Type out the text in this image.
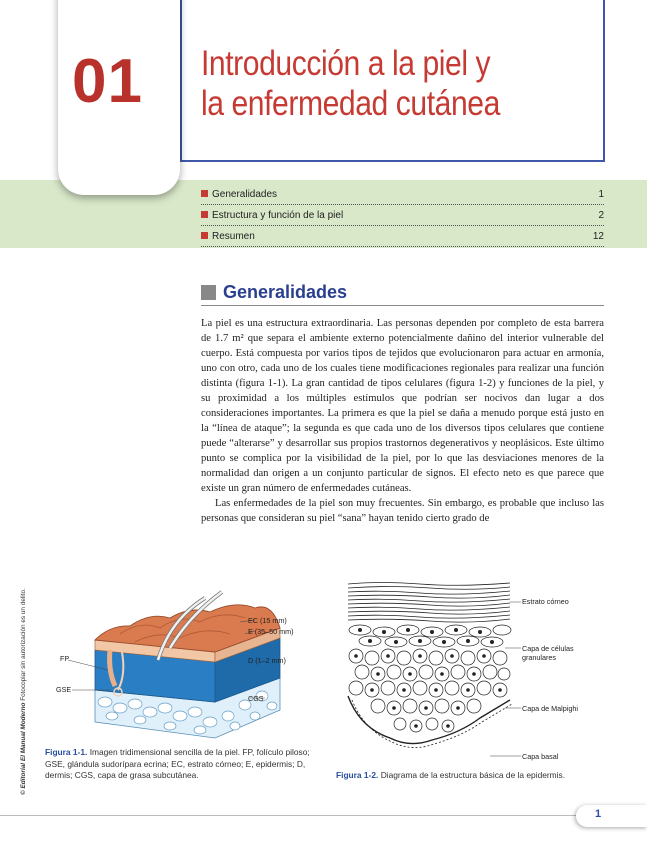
01 Introducción a la piel y
la enfermedad cutánea
Generalidades	1
Estructura y función de la piel	2
Resumen	12
Generalidades

La piel es una estructura extraordinaria. Las personas dependen por completo de esta barrera de 1.7 m² que separa el ambiente externo potencialmente dañino del interior vulnerable del cuerpo. Está compuesta por varios tipos de tejidos que evolucionaron para actuar en armonía, uno con otro, cada uno de los cuales tiene modificaciones regionales para realizar una función distinta (figura 1-1). La gran cantidad de tipos celulares (figura 1-2) y funciones de la piel, y su proximidad a los múltiples estímulos que podrían ser nocivos dan lugar a dos consideraciones importantes. La primera es que la piel se daña a menudo porque está justo en la “línea de ataque”; la segunda es que cada uno de los diversos tipos celulares que contiene puede “alterarse” y desarrollar sus propios trastornos degenerativos y neoplásicos. Este último punto se complica por la visibilidad de la piel, por lo que las desviaciones menores de la normalidad dan origen a un conjunto particular de signos. El efecto neto es que parece que existe un gran número de enfermedades cutáneas.

Las enfermedades de la piel son muy frecuentes. Sin embargo, es probable que incluso las personas que consideran su piel “sana” hayan tenido cierto grado de

© Editorial El Manual Moderno Fotocopiar sin autorización es un delito.	EC (15 mm)
E (35–50 mm)
D (1–2 mm)
CGS
FP
GSE
Figura 1-1. Imagen tridimensional sencilla de la piel. FP, folículo piloso; GSE, glándula sudorípara ecrina; EC, estrato córneo; E, epidermis; D, dermis; CGS, capa de grasa subcutánea.
Estrato córneo
Capa de células
granulares
Capa de Malpighi
Capa basal
Figura 1-2. Diagrama de la estructura básica de la epidermis.
1
